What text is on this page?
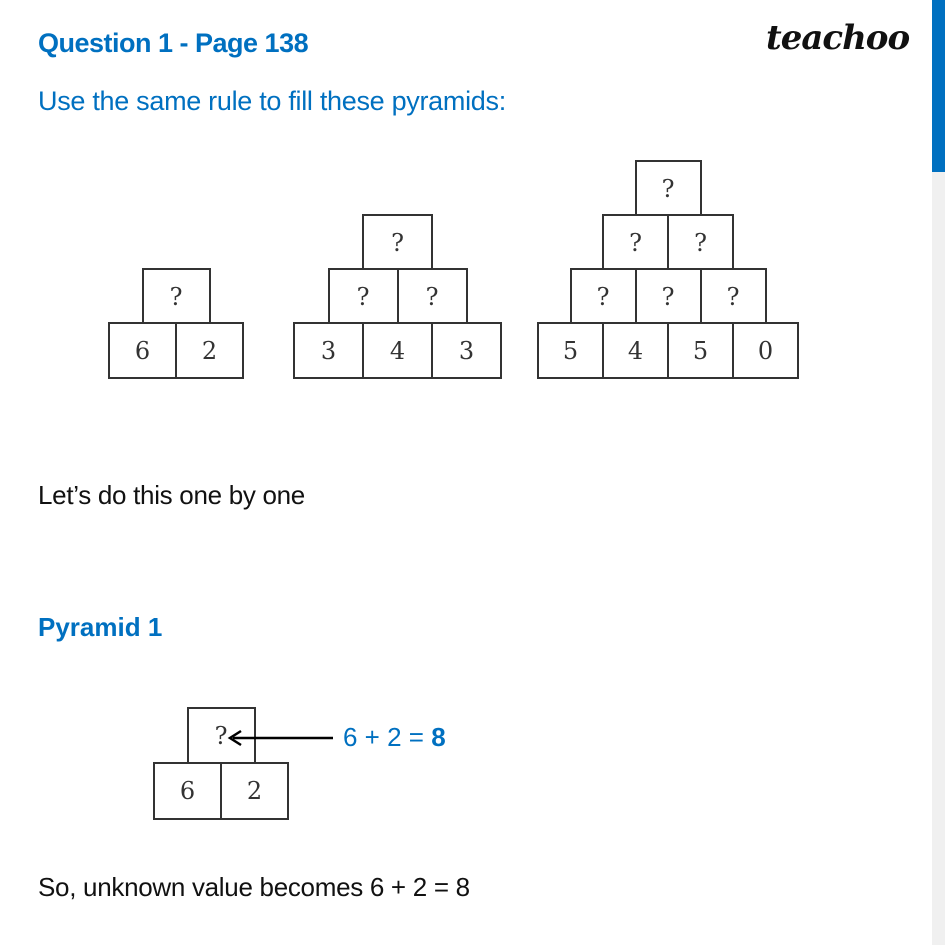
Question 1 - Page 138	teachoo
Use the same rule to fill these pyramids:
?
6	2
?
?	?
3	4	3
?
?	?
?	?	?
5	4	5	0
Let’s do this one by one
Pyramid 1
?
6	2
6 + 2 = 8
So, unknown value becomes 6 + 2 = 8
